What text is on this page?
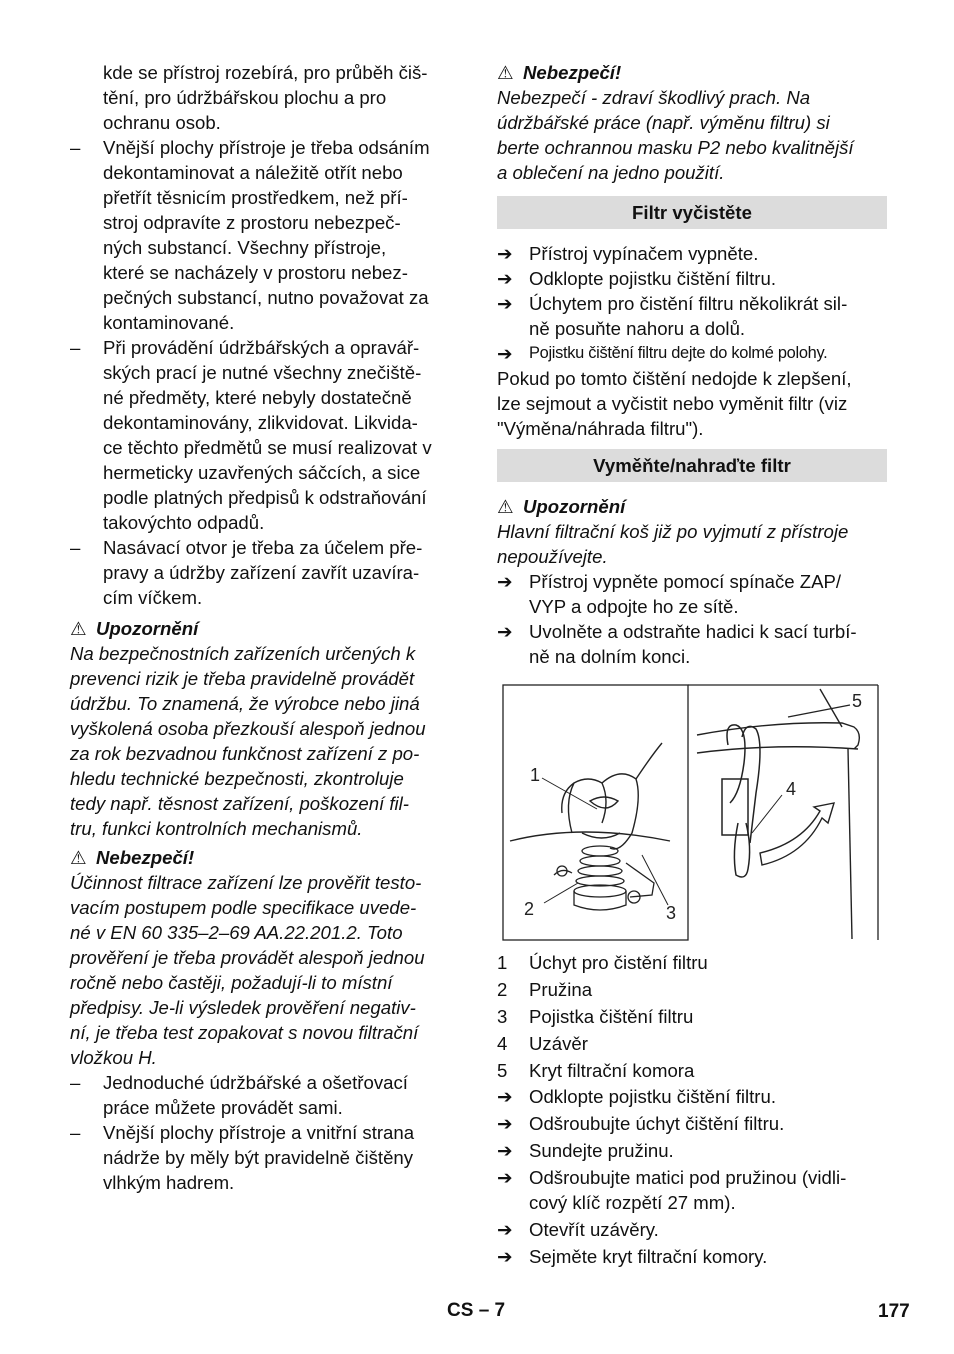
kde se přístroj rozebírá, pro průběh čiš-
tění, pro údržbářskou plochu a pro
ochranu osob.
–	Vnější plochy přístroje je třeba odsáním
dekontaminovat a náležitě otřít nebo
přetřít těsnicím prostředkem, než pří-
stroj odpravíte z prostoru nebezpeč-
ných substancí. Všechny přístroje,
které se nacházely v prostoru nebez-
pečných substancí, nutno považovat za
kontaminované.
–	Při provádění údržbářských a opravář-
ských prací je nutné všechny znečiště-
né předměty, které nebyly dostatečně
dekontaminovány, zlikvidovat. Likvida-
ce těchto předmětů se musí realizovat v
hermeticky uzavřených sáčcích, a sice
podle platných předpisů k odstraňování
takovýchto odpadů.
–	Nasávací otvor je třeba za účelem pře-
pravy a údržby zařízení zavřít uzavíra-
cím víčkem.
⚠ Upozornění
Na bezpečnostních zařízeních určených k
prevenci rizik je třeba pravidelně provádět
údržbu. To znamená, že výrobce nebo jiná
vyškolená osoba přezkouší alespoň jednou
za rok bezvadnou funkčnost zařízení z po-
hledu technické bezpečnosti, zkontroluje
tedy např. těsnost zařízení, poškození fil-
tru, funkci kontrolních mechanismů.
⚠ Nebezpečí!
Účinnost filtrace zařízení lze prověřit testo-
vacím postupem podle specifikace uvede-
né v EN 60 335–2–69 AA.22.201.2. Toto
prověření je třeba provádět alespoň jednou
ročně nebo častěji, požadují-li to místní
předpisy. Je-li výsledek prověření negativ-
ní, je třeba test zopakovat s novou filtrační
vložkou H.
–	Jednoduché údržbářské a ošetřovací
práce můžete provádět sami.
–	Vnější plochy přístroje a vnitřní strana
nádrže by měly být pravidelně čištěny
vlhkým hadrem.
⚠ Nebezpečí!
Nebezpečí - zdraví škodlivý prach. Na
údržbářské práce (např. výměnu filtru) si
berte ochrannou masku P2 nebo kvalitnější
a oblečení na jedno použití.
Filtr vyčistěte
➔ Přístroj vypínačem vypněte.
➔ Odklopte pojistku čištění filtru.
➔ Úchytem pro čistění filtru několikrát sil-
ně posuňte nahoru a dolů.
➔ Pojistku čištění filtru dejte do kolmé polohy.
Pokud po tomto čištění nedojde k zlepšení,
lze sejmout a vyčistit nebo vyměnit filtr (viz
"Výměna/náhrada filtru").
Vyměňte/nahraďte filtr
⚠ Upozornění
Hlavní filtrační koš již po vyjmutí z přístroje
nepoužívejte.
➔ Přístroj vypněte pomocí spínače ZAP/
VYP a odpojte ho ze sítě.
➔ Uvolněte a odstraňte hadici k sací turbí-
ně na dolním konci.
1
2	3
4
5
1 Úchyt pro čistění filtru
2 Pružina
3 Pojistka čištění filtru
4 Uzávěr
5 Kryt filtrační komora
➔ Odklopte pojistku čištění filtru.
➔ Odšroubujte úchyt čištění filtru.
➔ Sundejte pružinu.
➔ Odšroubujte matici pod pružinou (vidli-
cový klíč rozpětí 27 mm).
➔ Otevřít uzávěry.
➔ Sejměte kryt filtrační komory.
CS – 7	177
